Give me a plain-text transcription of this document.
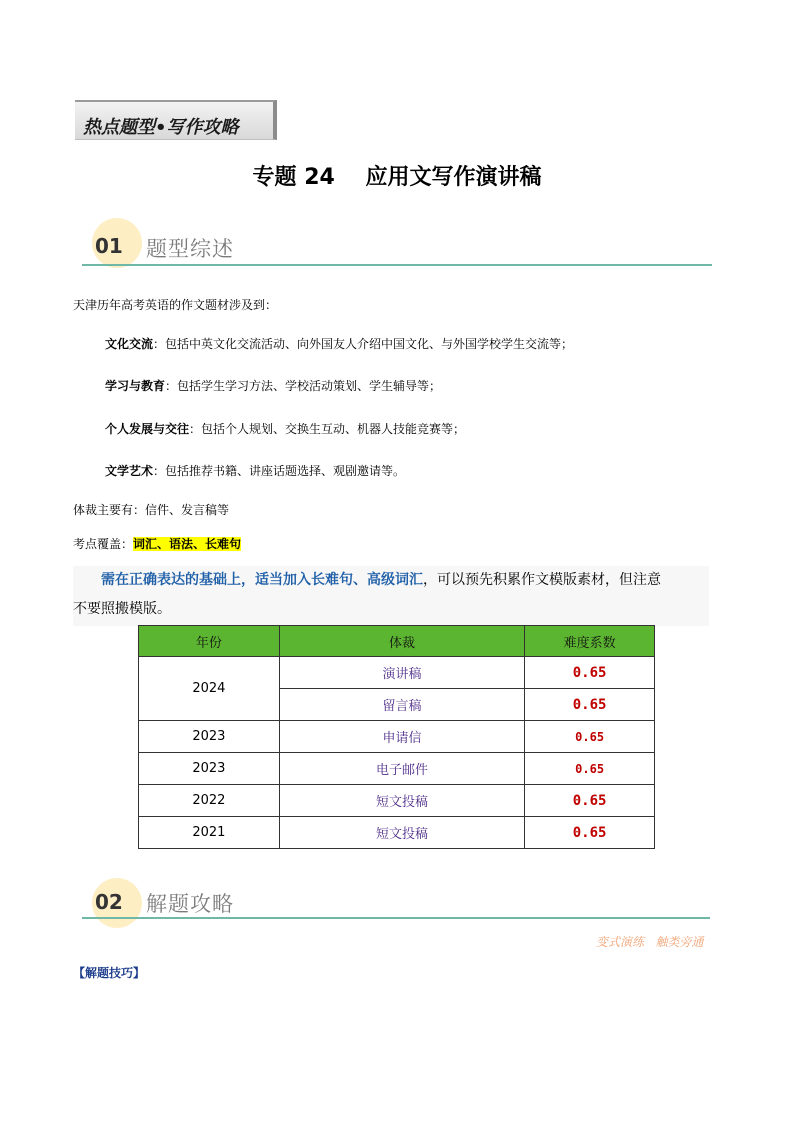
热点题型•写作攻略
专题 24    应用文写作演讲稿
01 题型综述
天津历年高考英语的作文题材涉及到：
文化交流：包括中英文化交流活动、向外国友人介绍中国文化、与外国学校学生交流等；
学习与教育：包括学生学习方法、学校活动策划、学生辅导等；
个人发展与交往：包括个人规划、交换生互动、机器人技能竞赛等；
文学艺术：包括推荐书籍、讲座话题选择、观剧邀请等。
体裁主要有：信件、发言稿等
考点覆盖：词汇、语法、长难句
需在正确表达的基础上，适当加入长难句、高级词汇，可以预先积累作文模版素材，但注意
不要照搬模版。
年份	体裁	难度系数
2024	演讲稿	0.65
	留言稿	0.65
2023	申请信	0.65
2023	电子邮件	0.65
2022	短文投稿	0.65
2021	短文投稿	0.65
02 解题攻略
变式演练   触类旁通
【解题技巧】
